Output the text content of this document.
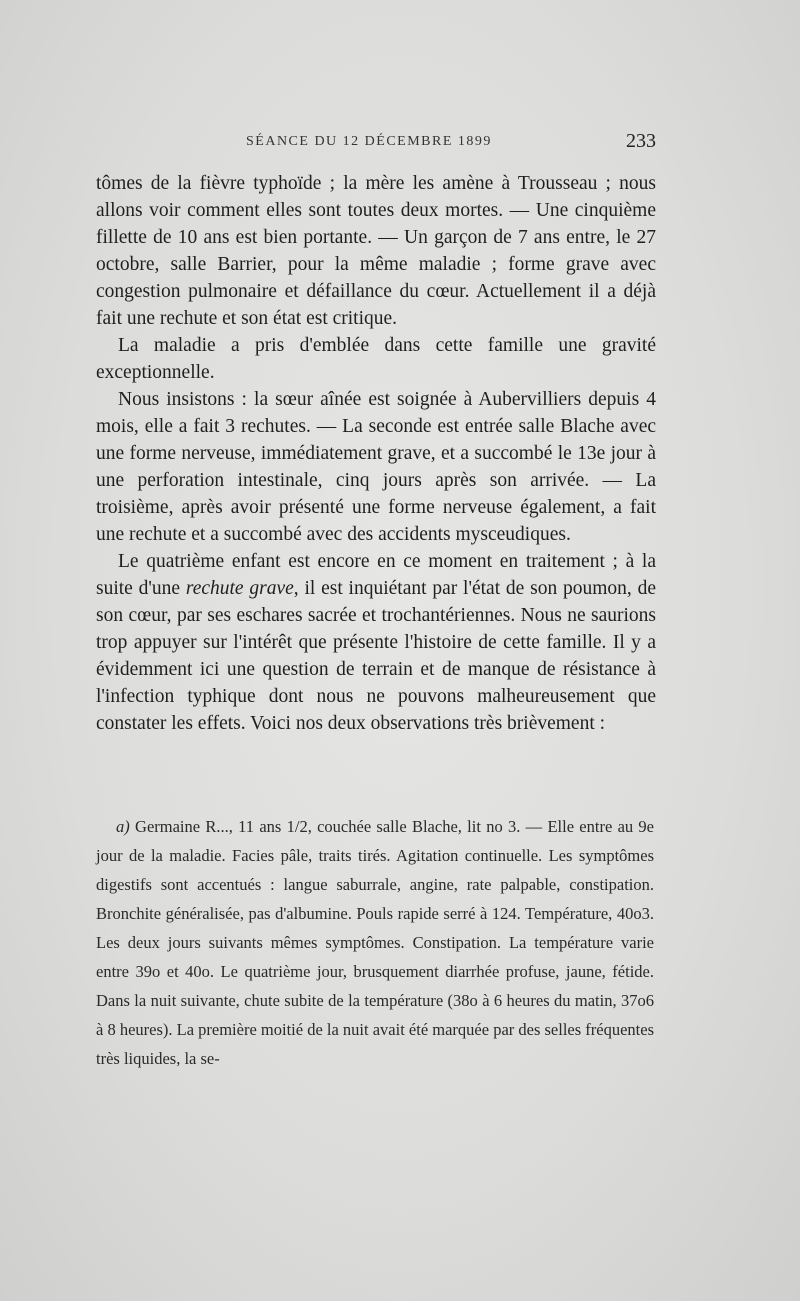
SÉANCE DU 12 DÉCEMBRE 1899	233

tômes de la fièvre typhoïde ; la mère les amène à Trousseau ; nous allons voir comment elles sont toutes deux mortes. — Une cinquième fillette de 10 ans est bien portante. — Un garçon de 7 ans entre, le 27 octobre, salle Barrier, pour la même maladie ; forme grave avec congestion pulmonaire et défaillance du cœur. Actuellement il a déjà fait une rechute et son état est critique.

La maladie a pris d'emblée dans cette famille une gravité exceptionnelle.

Nous insistons : la sœur aînée est soignée à Aubervilliers depuis 4 mois, elle a fait 3 rechutes. — La seconde est entrée salle Blache avec une forme nerveuse, immédiatement grave, et a succombé le 13e jour à une perforation intestinale, cinq jours après son arrivée. — La troisième, après avoir présenté une forme nerveuse également, a fait une rechute et a succombé avec des accidents mysceudiques.

Le quatrième enfant est encore en ce moment en traitement ; à la suite d'une rechute grave, il est inquiétant par l'état de son poumon, de son cœur, par ses eschares sacrée et trochantériennes. Nous ne saurions trop appuyer sur l'intérêt que présente l'histoire de cette famille. Il y a évidemment ici une question de terrain et de manque de résistance à l'infection typhique dont nous ne pouvons malheureusement que constater les effets. Voici nos deux observations très brièvement :

a) Germaine R..., 11 ans 1/2, couchée salle Blache, lit no 3. — Elle entre au 9e jour de la maladie. Facies pâle, traits tirés. Agitation continuelle. Les symptômes digestifs sont accentués : langue saburrale, angine, rate palpable, constipation. Bronchite généralisée, pas d'albumine. Pouls rapide serré à 124. Température, 40o3. Les deux jours suivants mêmes symptômes. Constipation. La température varie entre 39o et 40o. Le quatrième jour, brusquement diarrhée profuse, jaune, fétide. Dans la nuit suivante, chute subite de la température (38o à 6 heures du matin, 37o6 à 8 heures). La première moitié de la nuit avait été marquée par des selles fréquentes très liquides, la se-
